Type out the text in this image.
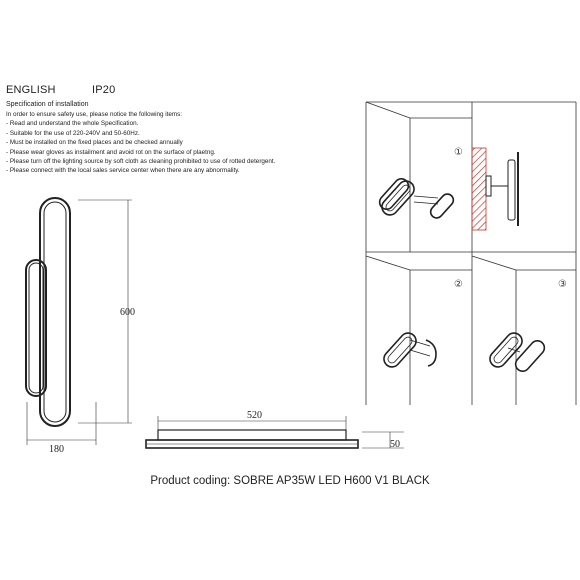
ENGLISH	IP20
Specification of installation
In order to ensure safety use, please notice the following items:
- Read and understand the whole Specification.
- Suitable for the use of 220-240V and 50-60Hz.
- Must be installed on the fixed places and be checked annually
- Please wear gloves as instailment and avoid rot on the surface of plaetng.
- Please turn off the lighting source by soft cloth as cleaning prohibited to use of rotted detergent.
- Please connect with the local sales service center when there are any abnormality.
①
②	③
600
180
520
50
Product coding: SOBRE AP35W LED H600 V1 BLACK
